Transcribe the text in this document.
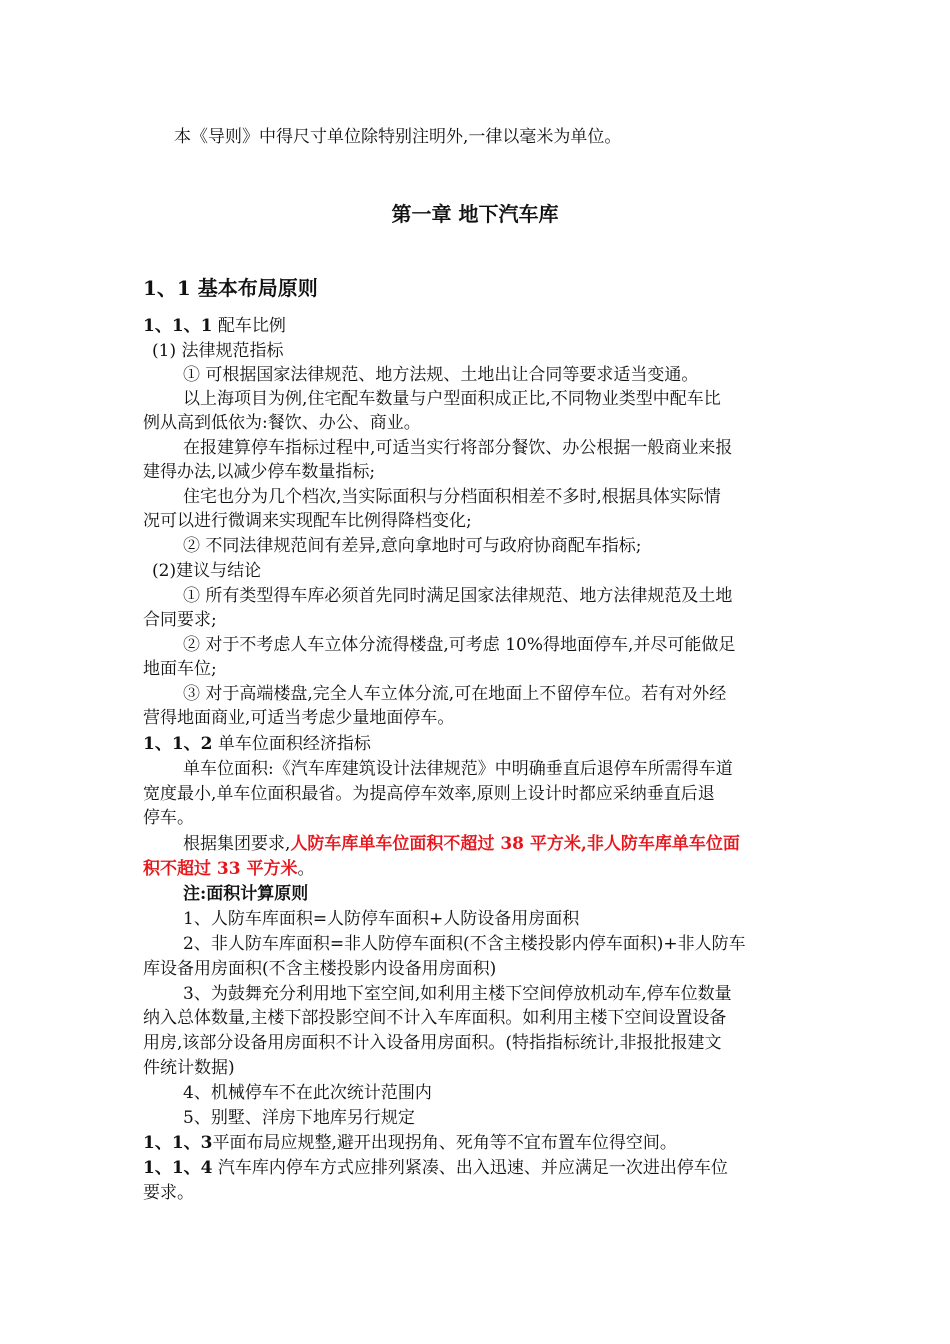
本《导则》中得尺寸单位除特别注明外,一律以毫米为单位。
第一章 地下汽车库
1、1 基本布局原则
1、1、1 配车比例
(1) 法律规范指标
① 可根据国家法律规范、地方法规、土地出让合同等要求适当变通。
以上海项目为例,住宅配车数量与户型面积成正比,不同物业类型中配车比
例从高到低依为:餐饮、办公、商业。
在报建算停车指标过程中,可适当实行将部分餐饮、办公根据一般商业来报
建得办法,以减少停车数量指标;
住宅也分为几个档次,当实际面积与分档面积相差不多时,根据具体实际情
况可以进行微调来实现配车比例得降档变化;
② 不同法律规范间有差异,意向拿地时可与政府协商配车指标;
(2)建议与结论
① 所有类型得车库必须首先同时满足国家法律规范、地方法律规范及土地
合同要求;
② 对于不考虑人车立体分流得楼盘,可考虑 10%得地面停车,并尽可能做足
地面车位;
③ 对于高端楼盘,完全人车立体分流,可在地面上不留停车位。若有对外经
营得地面商业,可适当考虑少量地面停车。
1、1、2 单车位面积经济指标
单车位面积:《汽车库建筑设计法律规范》中明确垂直后退停车所需得车道
宽度最小,单车位面积最省。为提高停车效率,原则上设计时都应采纳垂直后退
停车。
根据集团要求,人防车库单车位面积不超过 38 平方米,非人防车库单车位面
积不超过 33 平方米。
注:面积计算原则
1、人防车库面积=人防停车面积+人防设备用房面积
2、非人防车库面积=非人防停车面积(不含主楼投影内停车面积)+非人防车
库设备用房面积(不含主楼投影内设备用房面积)
3、为鼓舞充分利用地下室空间,如利用主楼下空间停放机动车,停车位数量
纳入总体数量,主楼下部投影空间不计入车库面积。如利用主楼下空间设置设备
用房,该部分设备用房面积不计入设备用房面积。(特指指标统计,非报批报建文
件统计数据)
4、机械停车不在此次统计范围内
5、别墅、洋房下地库另行规定
1、1、3平面布局应规整,避开出现拐角、死角等不宜布置车位得空间。
1、1、4 汽车库内停车方式应排列紧凑、出入迅速、并应满足一次进出停车位
要求。
